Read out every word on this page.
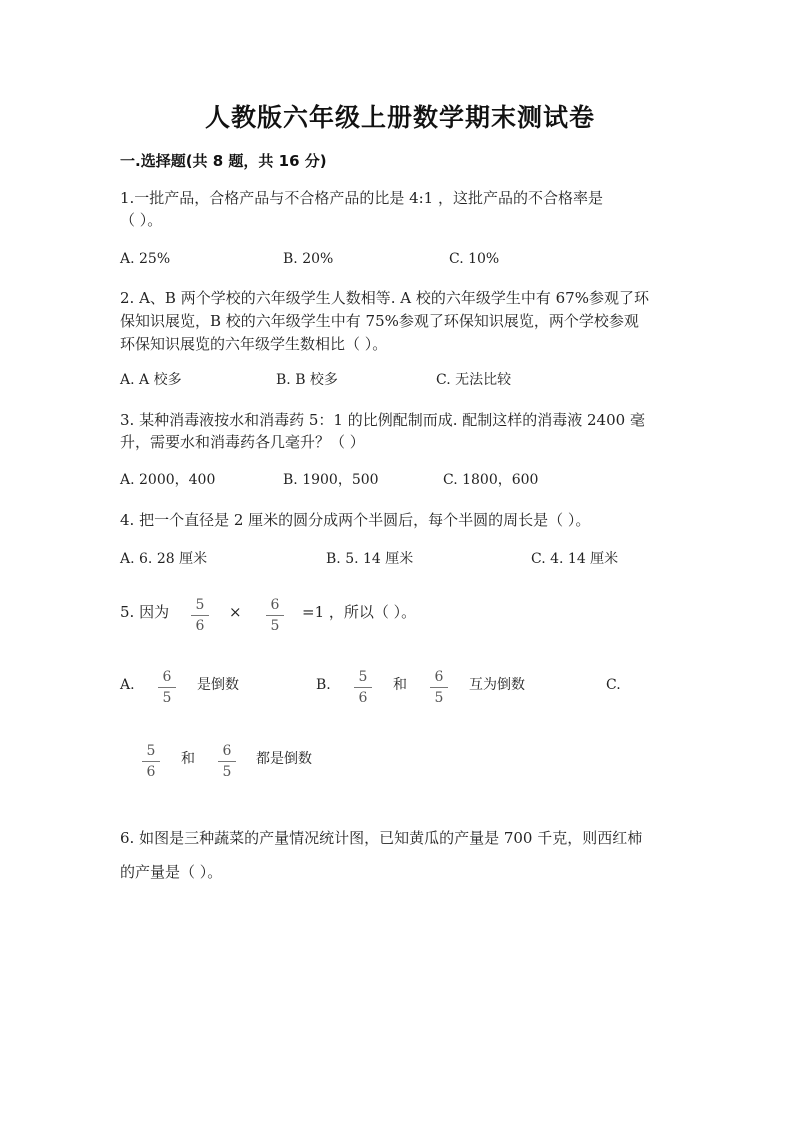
人教版六年级上册数学期末测试卷
一.选择题(共 8 题，共 16 分)
1.一批产品，合格产品与不合格产品的比是 4:1 ，这批产品的不合格率是
（ ）。
A. 25%	B. 20%	C. 10%
2. A、B 两个学校的六年级学生人数相等. A 校的六年级学生中有 67%参观了环
保知识展览，B 校的六年级学生中有 75%参观了环保知识展览，两个学校参观
环保知识展览的六年级学生数相比（ ）。
A. A 校多	B. B 校多	C. 无法比较
3. 某种消毒液按水和消毒药 5：1 的比例配制而成. 配制这样的消毒液 2400 毫
升，需要水和消毒药各几毫升？（ ）
A. 2000，400	B. 1900，500	C. 1800，600
4. 把一个直径是 2 厘米的圆分成两个半圆后，每个半圆的周长是（ ）。
A. 6. 28 厘米	B. 5. 14 厘米	C. 4. 14 厘米
5. 因为	5
6
×	6
5
=1 ，所以（ ）。
A.	6
5
是倒数	B.	5
6
和	6
5
互为倒数	C.
5
6
和	6
5
都是倒数
6. 如图是三种蔬菜的产量情况统计图，已知黄瓜的产量是 700 千克，则西红柿
的产量是（ ）。
